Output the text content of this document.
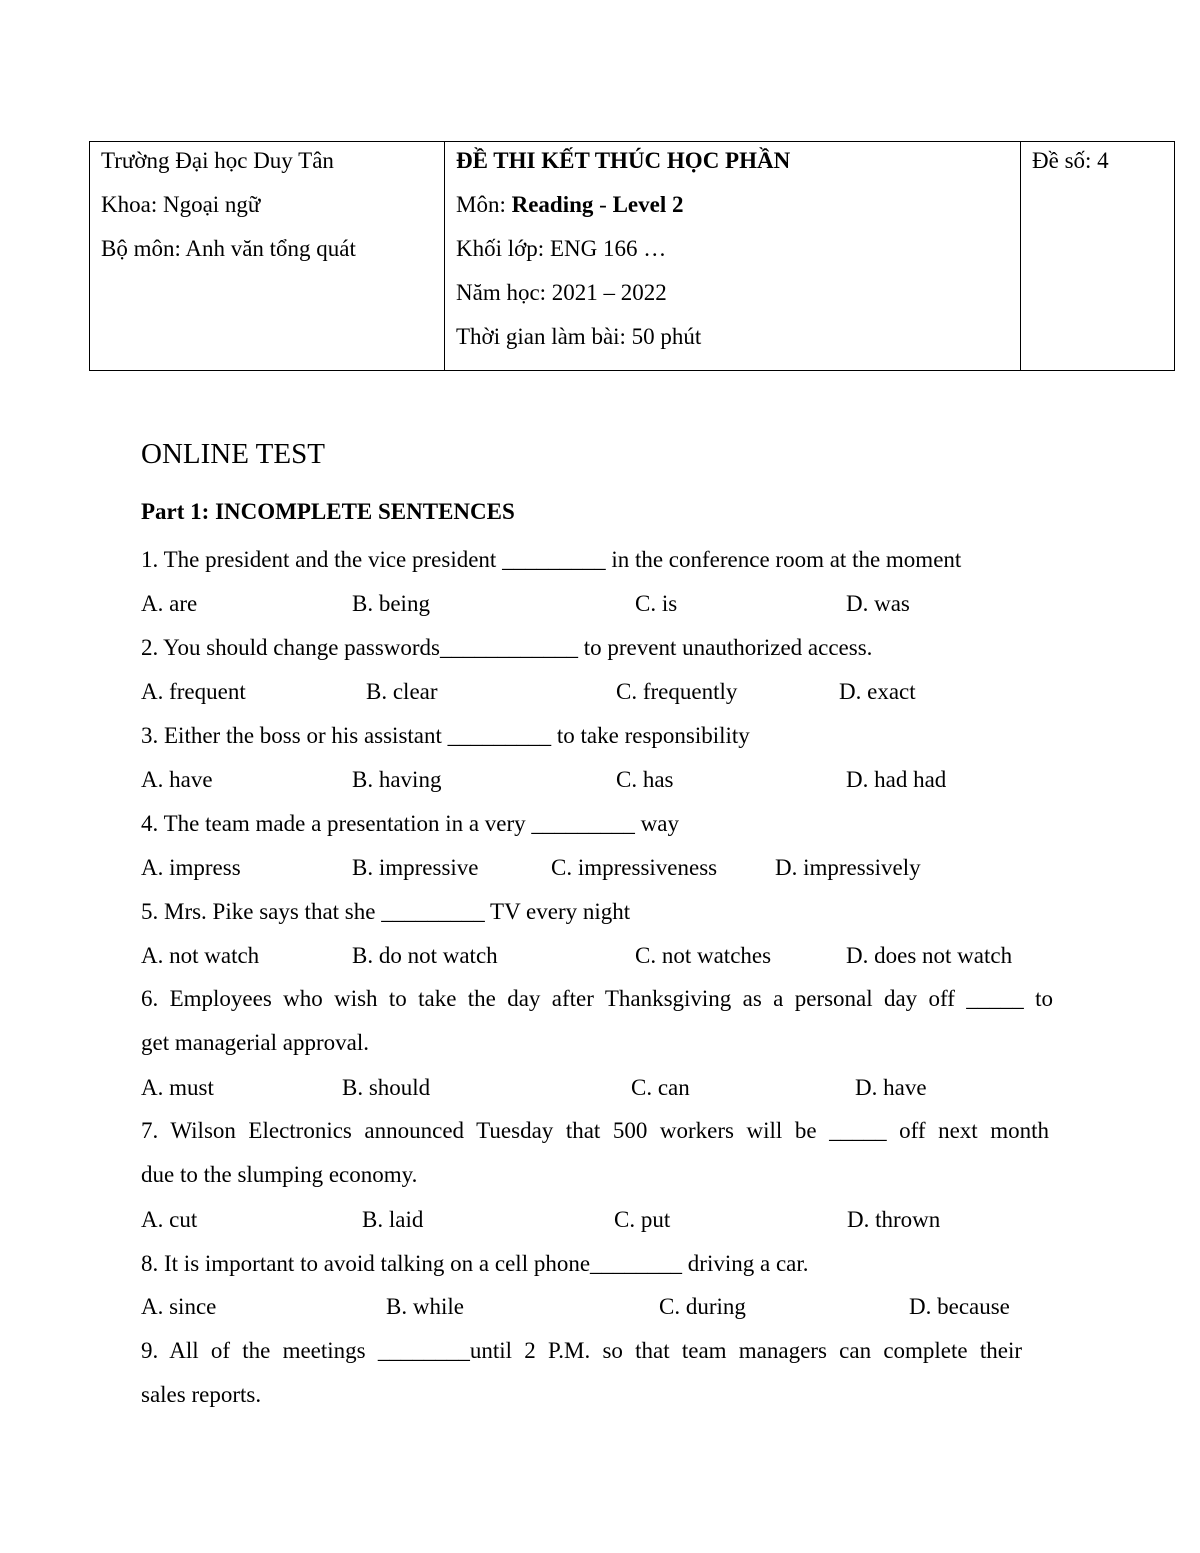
Trường Đại học Duy Tân
Khoa: Ngoại ngữ
Bộ môn: Anh văn tổng quát

ĐỀ THI KẾT THÚC HỌC PHẦN
Môn: Reading - Level 2
Khối lớp: ENG 166 …
Năm học: 2021 – 2022
Thời gian làm bài: 50 phút

Đề số: 4
ONLINE TEST
Part 1: INCOMPLETE SENTENCES
1. The president and the vice president _________ in the conference room at the moment
A. are	B. being	C. is	D. was
2. You should change passwords____________ to prevent unauthorized access.
A. frequent	B. clear	C. frequently	D. exact
3. Either the boss or his assistant _________ to take responsibility
A. have	B. having	C. has	D. had had
4. The team made a presentation in a very _________ way
A. impress	B. impressive	C. impressiveness	D. impressively
5. Mrs. Pike says that she _________ TV every night
A. not watch	B. do not watch	C. not watches	D. does not watch
6. Employees who wish to take the day after Thanksgiving as a personal day off _____ to
get managerial approval.
A. must	B. should	C. can	D. have
7. Wilson Electronics announced Tuesday that 500 workers will be _____ off next month
due to the slumping economy.
A. cut	B. laid	C. put	D. thrown
8. It is important to avoid talking on a cell phone________ driving a car.
A. since	B. while	C. during	D. because
9. All of the meetings ________until 2 P.M. so that team managers can complete their
sales reports.
